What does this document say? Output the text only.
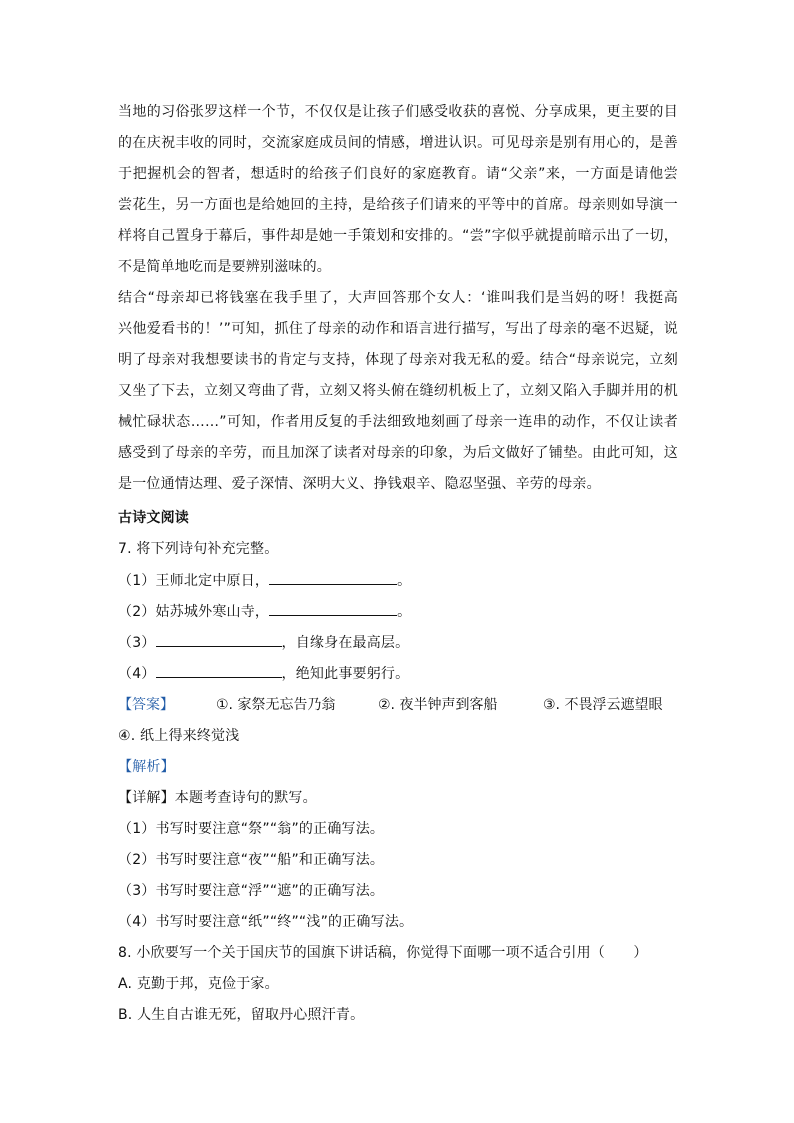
当地的习俗张罗这样一个节，不仅仅是让孩子们感受收获的喜悦、分享成果，更主要的目
的在庆祝丰收的同时，交流家庭成员间的情感，增进认识。可见母亲是别有用心的，是善
于把握机会的智者，想适时的给孩子们良好的家庭教育。请“父亲”来，一方面是请他尝
尝花生，另一方面也是给她回的主持，是给孩子们请来的平等中的首席。母亲则如导演一
样将自己置身于幕后，事件却是她一手策划和安排的。“尝”字似乎就提前暗示出了一切，
不是简单地吃而是要辨别滋味的。
结合“母亲却已将钱塞在我手里了，大声回答那个女人：‘谁叫我们是当妈的呀！我挺高
兴他爱看书的！’”可知，抓住了母亲的动作和语言进行描写，写出了母亲的毫不迟疑，说
明了母亲对我想要读书的肯定与支持，体现了母亲对我无私的爱。结合“母亲说完，立刻
又坐了下去，立刻又弯曲了背，立刻又将头俯在缝纫机板上了，立刻又陷入手脚并用的机
械忙碌状态……”可知，作者用反复的手法细致地刻画了母亲一连串的动作，不仅让读者
感受到了母亲的辛劳，而且加深了读者对母亲的印象，为后文做好了铺垫。由此可知，这
是一位通情达理、爱子深情、深明大义、挣钱艰辛、隐忍坚强、辛劳的母亲。
古诗文阅读
7. 将下列诗句补充完整。
（1）王师北定中原日，	。
（2）姑苏城外寒山寺，	。
（3）	，自缘身在最高层。
（4）	，绝知此事要躬行。
【答案】	①. 家祭无忘告乃翁	②. 夜半钟声到客船	③. 不畏浮云遮望眼
④. 纸上得来终觉浅
【解析】
【详解】本题考查诗句的默写。
（1）书写时要注意“祭”“翁”的正确写法。
（2）书写时要注意“夜”“船”和正确写法。
（3）书写时要注意“浮”“遮”的正确写法。
（4）书写时要注意“纸”“终”“浅”的正确写法。
8. 小欣要写一个关于国庆节的国旗下讲话稿，你觉得下面哪一项不适合引用（　　）
A. 克勤于邦，克俭于家。
B. 人生自古谁无死，留取丹心照汗青。
